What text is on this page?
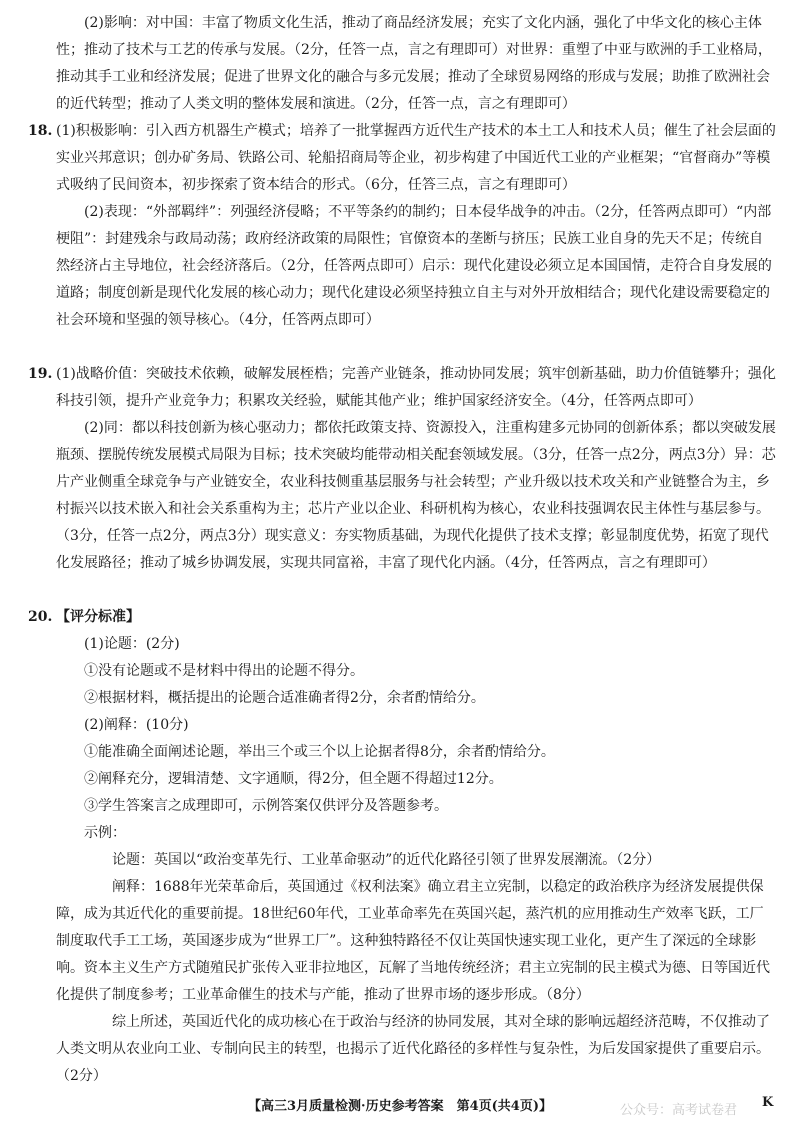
(2)影响：对中国：丰富了物质文化生活，推动了商品经济发展；充实了文化内涵，强化了中华文化的核心主体性；推动了技术与工艺的传承与发展。（2分，任答一点，言之有理即可）对世界：重塑了中亚与欧洲的手工业格局，推动其手工业和经济发展；促进了世界文化的融合与多元发展；推动了全球贸易网络的形成与发展；助推了欧洲社会的近代转型；推动了人类文明的整体发展和演进。（2分，任答一点，言之有理即可）

18. (1)积极影响：引入西方机器生产模式；培养了一批掌握西方近代生产技术的本土工人和技术人员；催生了社会层面的实业兴邦意识；创办矿务局、铁路公司、轮船招商局等企业，初步构建了中国近代工业的产业框架；“官督商办”等模式吸纳了民间资本，初步探索了资本结合的形式。（6分，任答三点，言之有理即可）

(2)表现：“外部羁绊”：列强经济侵略；不平等条约的制约；日本侵华战争的冲击。（2分，任答两点即可）“内部梗阻”：封建残余与政局动荡；政府经济政策的局限性；官僚资本的垄断与挤压；民族工业自身的先天不足；传统自然经济占主导地位，社会经济落后。（2分，任答两点即可）启示：现代化建设必须立足本国国情，走符合自身发展的道路；制度创新是现代化发展的核心动力；现代化建设必须坚持独立自主与对外开放相结合；现代化建设需要稳定的社会环境和坚强的领导核心。（4分，任答两点即可）

19. (1)战略价值：突破技术依赖，破解发展桎梏；完善产业链条，推动协同发展；筑牢创新基础，助力价值链攀升；强化科技引领，提升产业竞争力；积累攻关经验，赋能其他产业；维护国家经济安全。（4分，任答两点即可）

(2)同：都以科技创新为核心驱动力；都依托政策支持、资源投入，注重构建多元协同的创新体系；都以突破发展瓶颈、摆脱传统发展模式局限为目标；技术突破均能带动相关配套领域发展。（3分，任答一点2分，两点3分）异：芯片产业侧重全球竞争与产业链安全，农业科技侧重基层服务与社会转型；产业升级以技术攻关和产业链整合为主，乡村振兴以技术嵌入和社会关系重构为主；芯片产业以企业、科研机构为核心，农业科技强调农民主体性与基层参与。（3分，任答一点2分，两点3分）现实意义：夯实物质基础，为现代化提供了技术支撑；彰显制度优势，拓宽了现代化发展路径；推动了城乡协调发展，实现共同富裕，丰富了现代化内涵。（4分，任答两点，言之有理即可）

20. 【评分标准】

(1)论题：(2分)

①没有论题或不是材料中得出的论题不得分。

②根据材料，概括提出的论题合适准确者得2分，余者酌情给分。

(2)阐释：(10分)

①能准确全面阐述论题，举出三个或三个以上论据者得8分，余者酌情给分。

②阐释充分，逻辑清楚、文字通顺，得2分，但全题不得超过12分。

③学生答案言之成理即可，示例答案仅供评分及答题参考。

示例：

论题：英国以“政治变革先行、工业革命驱动”的近代化路径引领了世界发展潮流。（2分）

阐释：1688年光荣革命后，英国通过《权利法案》确立君主立宪制，以稳定的政治秩序为经济发展提供保障，成为其近代化的重要前提。18世纪60年代，工业革命率先在英国兴起，蒸汽机的应用推动生产效率飞跃，工厂制度取代手工工场，英国逐步成为“世界工厂”。这种独特路径不仅让英国快速实现工业化，更产生了深远的全球影响。资本主义生产方式随殖民扩张传入亚非拉地区，瓦解了当地传统经济；君主立宪制的民主模式为德、日等国近代化提供了制度参考；工业革命催生的技术与产能，推动了世界市场的逐步形成。（8分）

综上所述，英国近代化的成功核心在于政治与经济的协同发展，其对全球的影响远超经济范畴，不仅推动了人类文明从农业向工业、专制向民主的转型，也揭示了近代化路径的多样性与复杂性，为后发国家提供了重要启示。（2分）

【高三3月质量检测·历史参考答案　第4页(共4页)】	公众号：高考试卷君
K
